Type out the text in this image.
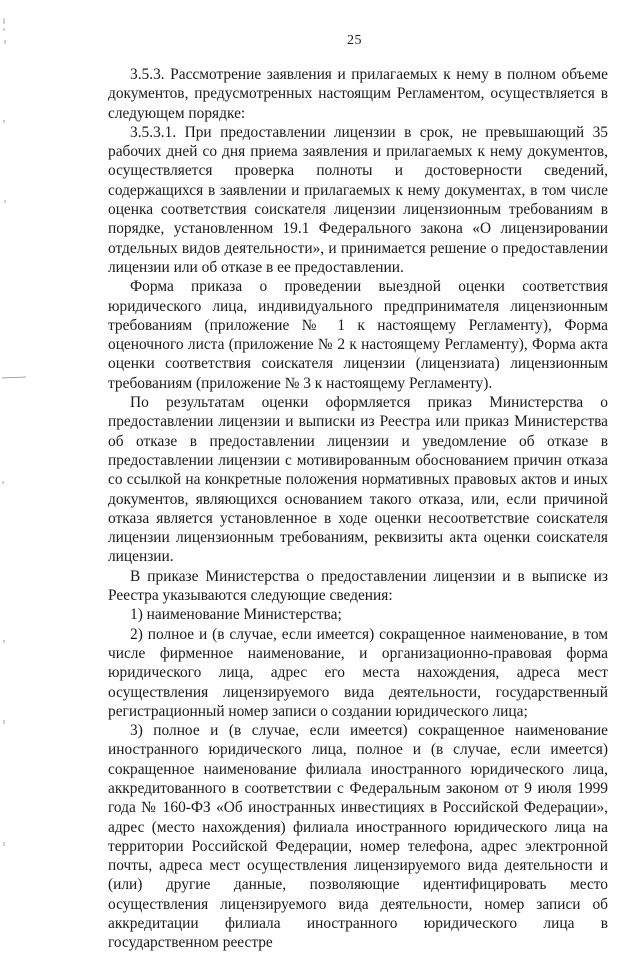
25

3.5.3. Рассмотрение заявления и прилагаемых к нему в полном объеме документов, предусмотренных настоящим Регламентом, осуществляется в следующем порядке:

3.5.3.1. При предоставлении лицензии в срок, не превышающий 35 рабочих дней со дня приема заявления и прилагаемых к нему документов, осуществляется проверка полноты и достоверности сведений, содержащихся в заявлении и прилагаемых к нему документах, в том числе оценка соответствия соискателя лицензии лицензионным требованиям в порядке, установленном 19.1 Федерального закона «О лицензировании отдельных видов деятельности», и принимается решение о предоставлении лицензии или об отказе в ее предоставлении.

Форма приказа о проведении выездной оценки соответствия юридического лица, индивидуального предпринимателя лицензионным требованиям (приложение № 1 к настоящему Регламенту), Форма оценочного листа (приложение № 2 к настоящему Регламенту), Форма акта оценки соответствия соискателя лицензии (лицензиата) лицензионным требованиям (приложение № 3 к настоящему Регламенту).

По результатам оценки оформляется приказ Министерства о предоставлении лицензии и выписки из Реестра или приказ Министерства об отказе в предоставлении лицензии и уведомление об отказе в предоставлении лицензии с мотивированным обоснованием причин отказа со ссылкой на конкретные положения нормативных правовых актов и иных документов, являющихся основанием такого отказа, или, если причиной отказа является установленное в ходе оценки несоответствие соискателя лицензии лицензионным требованиям, реквизиты акта оценки соискателя лицензии.

В приказе Министерства о предоставлении лицензии и в выписке из Реестра указываются следующие сведения:

1) наименование Министерства;

2) полное и (в случае, если имеется) сокращенное наименование, в том числе фирменное наименование, и организационно-правовая форма юридического лица, адрес его места нахождения, адреса мест осуществления лицензируемого вида деятельности, государственный регистрационный номер записи о создании юридического лица;

3) полное и (в случае, если имеется) сокращенное наименование иностранного юридического лица, полное и (в случае, если имеется) сокращенное наименование филиала иностранного юридического лица, аккредитованного в соответствии с Федеральным законом от 9 июля 1999 года № 160-ФЗ «Об иностранных инвестициях в Российской Федерации», адрес (место нахождения) филиала иностранного юридического лица на территории Российской Федерации, номер телефона, адрес электронной почты, адреса мест осуществления лицензируемого вида деятельности и (или) другие данные, позволяющие идентифицировать место осуществления лицензируемого вида деятельности, номер записи об аккредитации филиала иностранного юридического лица в государственном реестре
